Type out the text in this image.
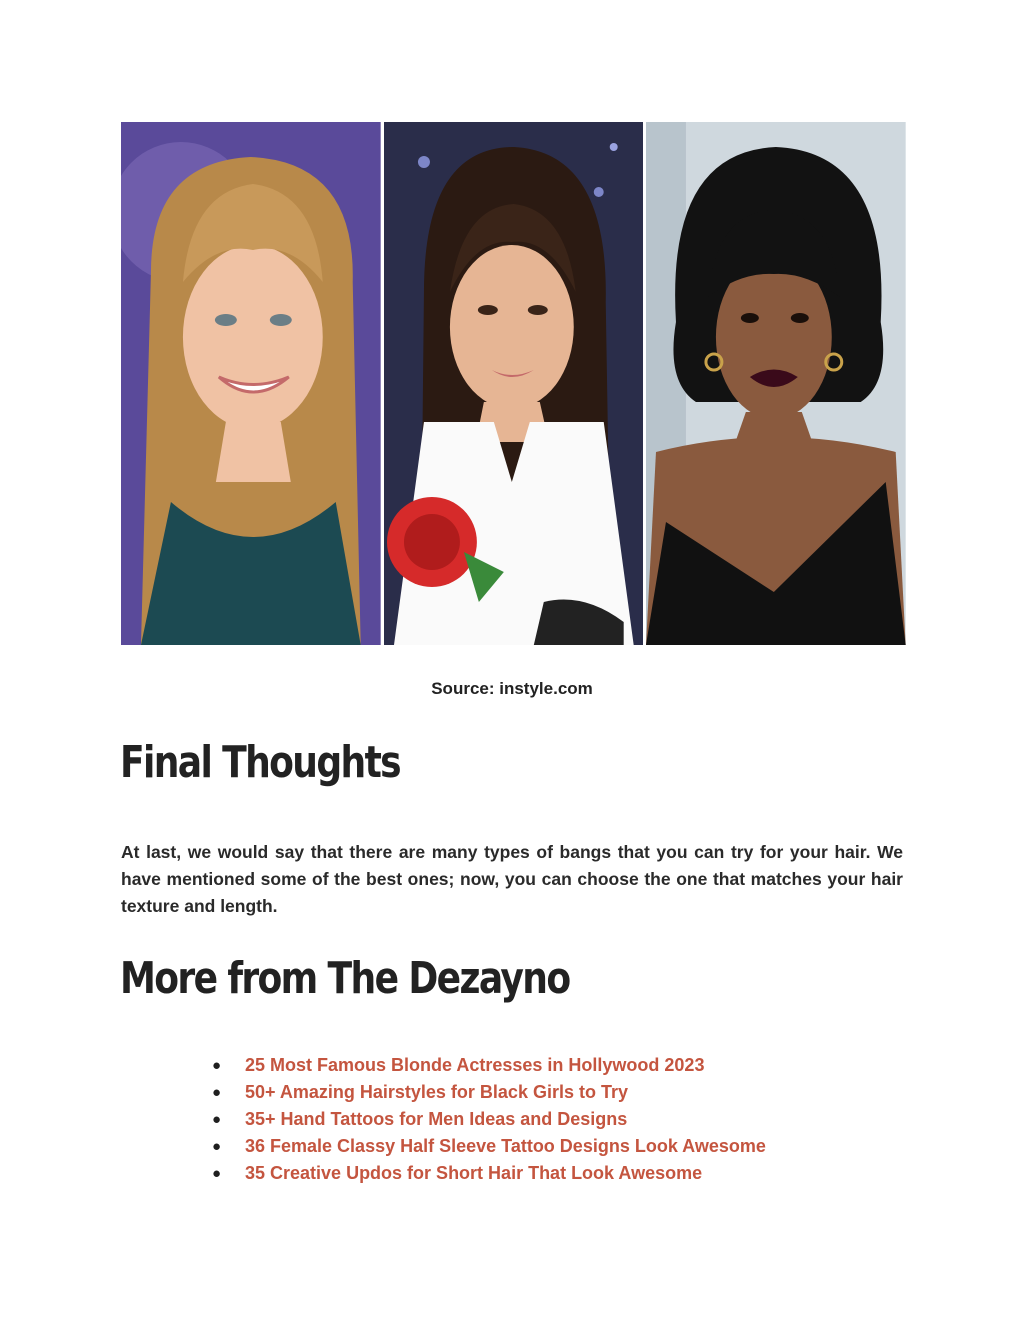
Source: instyle.com
Final Thoughts

At last, we would say that there are many types of bangs that you can try for your hair. We have mentioned some of the best ones; now, you can choose the one that matches your hair texture and length.

More from The Dezayno
● 25 Most Famous Blonde Actresses in Hollywood 2023
● 50+ Amazing Hairstyles for Black Girls to Try
● 35+ Hand Tattoos for Men Ideas and Designs
● 36 Female Classy Half Sleeve Tattoo Designs Look Awesome
● 35 Creative Updos for Short Hair That Look Awesome
